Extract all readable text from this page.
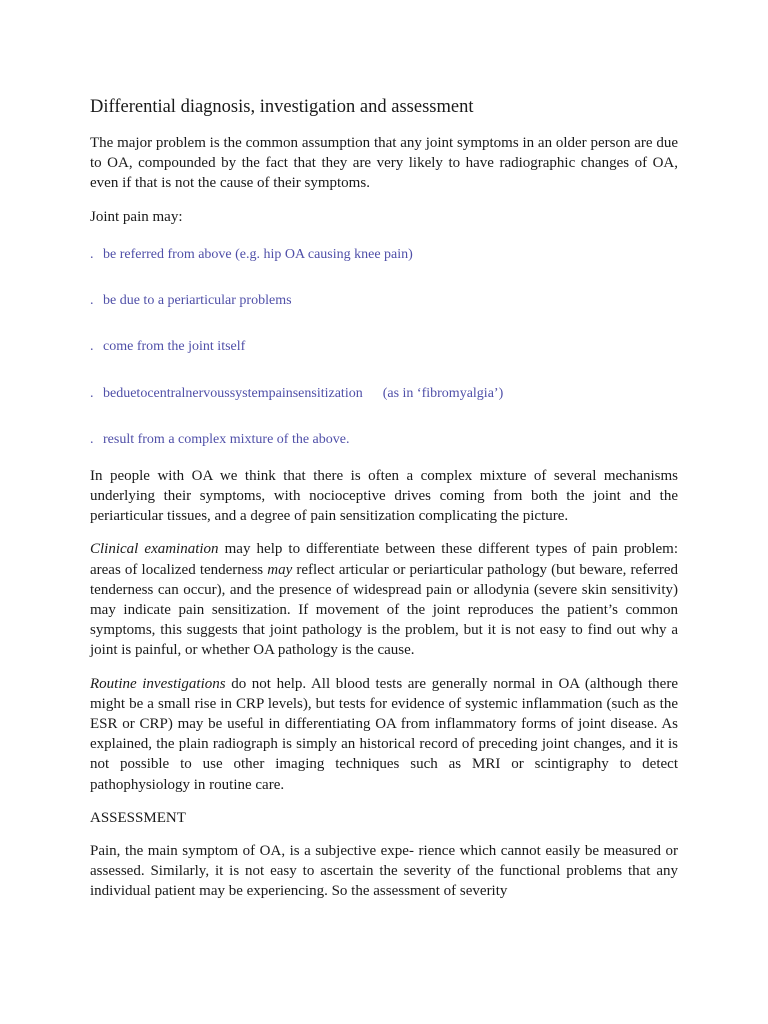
Differential diagnosis, investigation and assessment

The major problem is the common assumption that any joint symptoms in an older person are due to OA, compounded by the fact that they are very likely to have radiographic changes of OA, even if that is not the cause of their symptoms.

Joint pain may:

. be referred from above (e.g. hip OA causing knee pain)
. be due to a periarticular problems
. come from the joint itself
. beduetocentralnervoussystempainsensitization (as in ‘fibromyalgia’)
. result from a complex mixture of the above.

In people with OA we think that there is often a complex mixture of several mechanisms underlying their symptoms, with nocioceptive drives coming from both the joint and the periarticular tissues, and a degree of pain sensitization complicating the picture.

Clinical examination may help to differentiate between these different types of pain problem: areas of localized tenderness may reflect articular or periarticular pathology (but beware, referred tenderness can occur), and the presence of widespread pain or allodynia (severe skin sensitivity) may indicate pain sensitization. If movement of the joint reproduces the patient’s common symptoms, this suggests that joint pathology is the problem, but it is not easy to find out why a joint is painful, or whether OA pathology is the cause.

Routine investigations do not help. All blood tests are generally normal in OA (although there might be a small rise in CRP levels), but tests for evidence of systemic inflammation (such as the ESR or CRP) may be useful in differentiating OA from inflammatory forms of joint disease. As explained, the plain radiograph is simply an historical record of preceding joint changes, and it is not possible to use other imaging techniques such as MRI or scintigraphy to detect pathophysiology in routine care.

ASSESSMENT

Pain, the main symptom of OA, is a subjective expe- rience which cannot easily be measured or assessed. Similarly, it is not easy to ascertain the severity of the functional problems that any individual patient may be experiencing. So the assessment of severity
